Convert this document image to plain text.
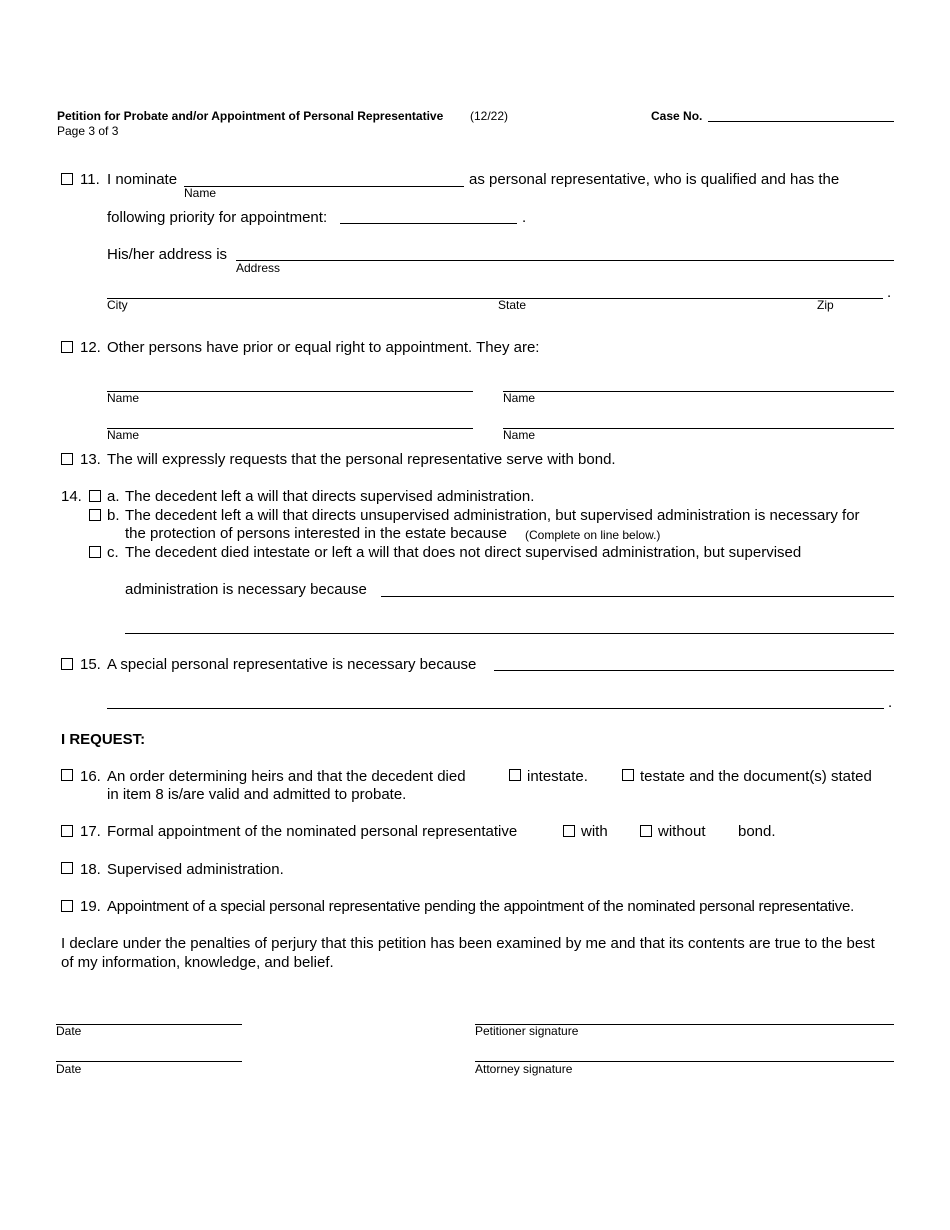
Petition for Probate and/or Appointment of Personal Representative (12/22)
Page 3 of 3
Case No.
11. I nominate
Name
as personal representative, who is qualified and has the
following priority for appointment:	.
His/her address is
Address
.
City	State	Zip
12. Other persons have prior or equal right to appointment. They are:
Name	Name
Name	Name
13. The will expressly requests that the personal representative serve with bond.
14. a. The decedent left a will that directs supervised administration.
b. The decedent left a will that directs unsupervised administration, but supervised administration is necessary for
the protection of persons interested in the estate because (Complete on line below.)
c. The decedent died intestate or left a will that does not direct supervised administration, but supervised
administration is necessary because
15. A special personal representative is necessary because
.
I REQUEST:
16. An order determining heirs and that the decedent died	intestate.	testate and the document(s) stated
in item 8 is/are valid and admitted to probate.
17. Formal appointment of the nominated personal representative	with	without bond.
18. Supervised administration.
19. Appointment of a special personal representative pending the appointment of the nominated personal representative.
I declare under the penalties of perjury that this petition has been examined by me and that its contents are true to the best
of my information, knowledge, and belief.
Date	Petitioner signature
Date	Attorney signature
